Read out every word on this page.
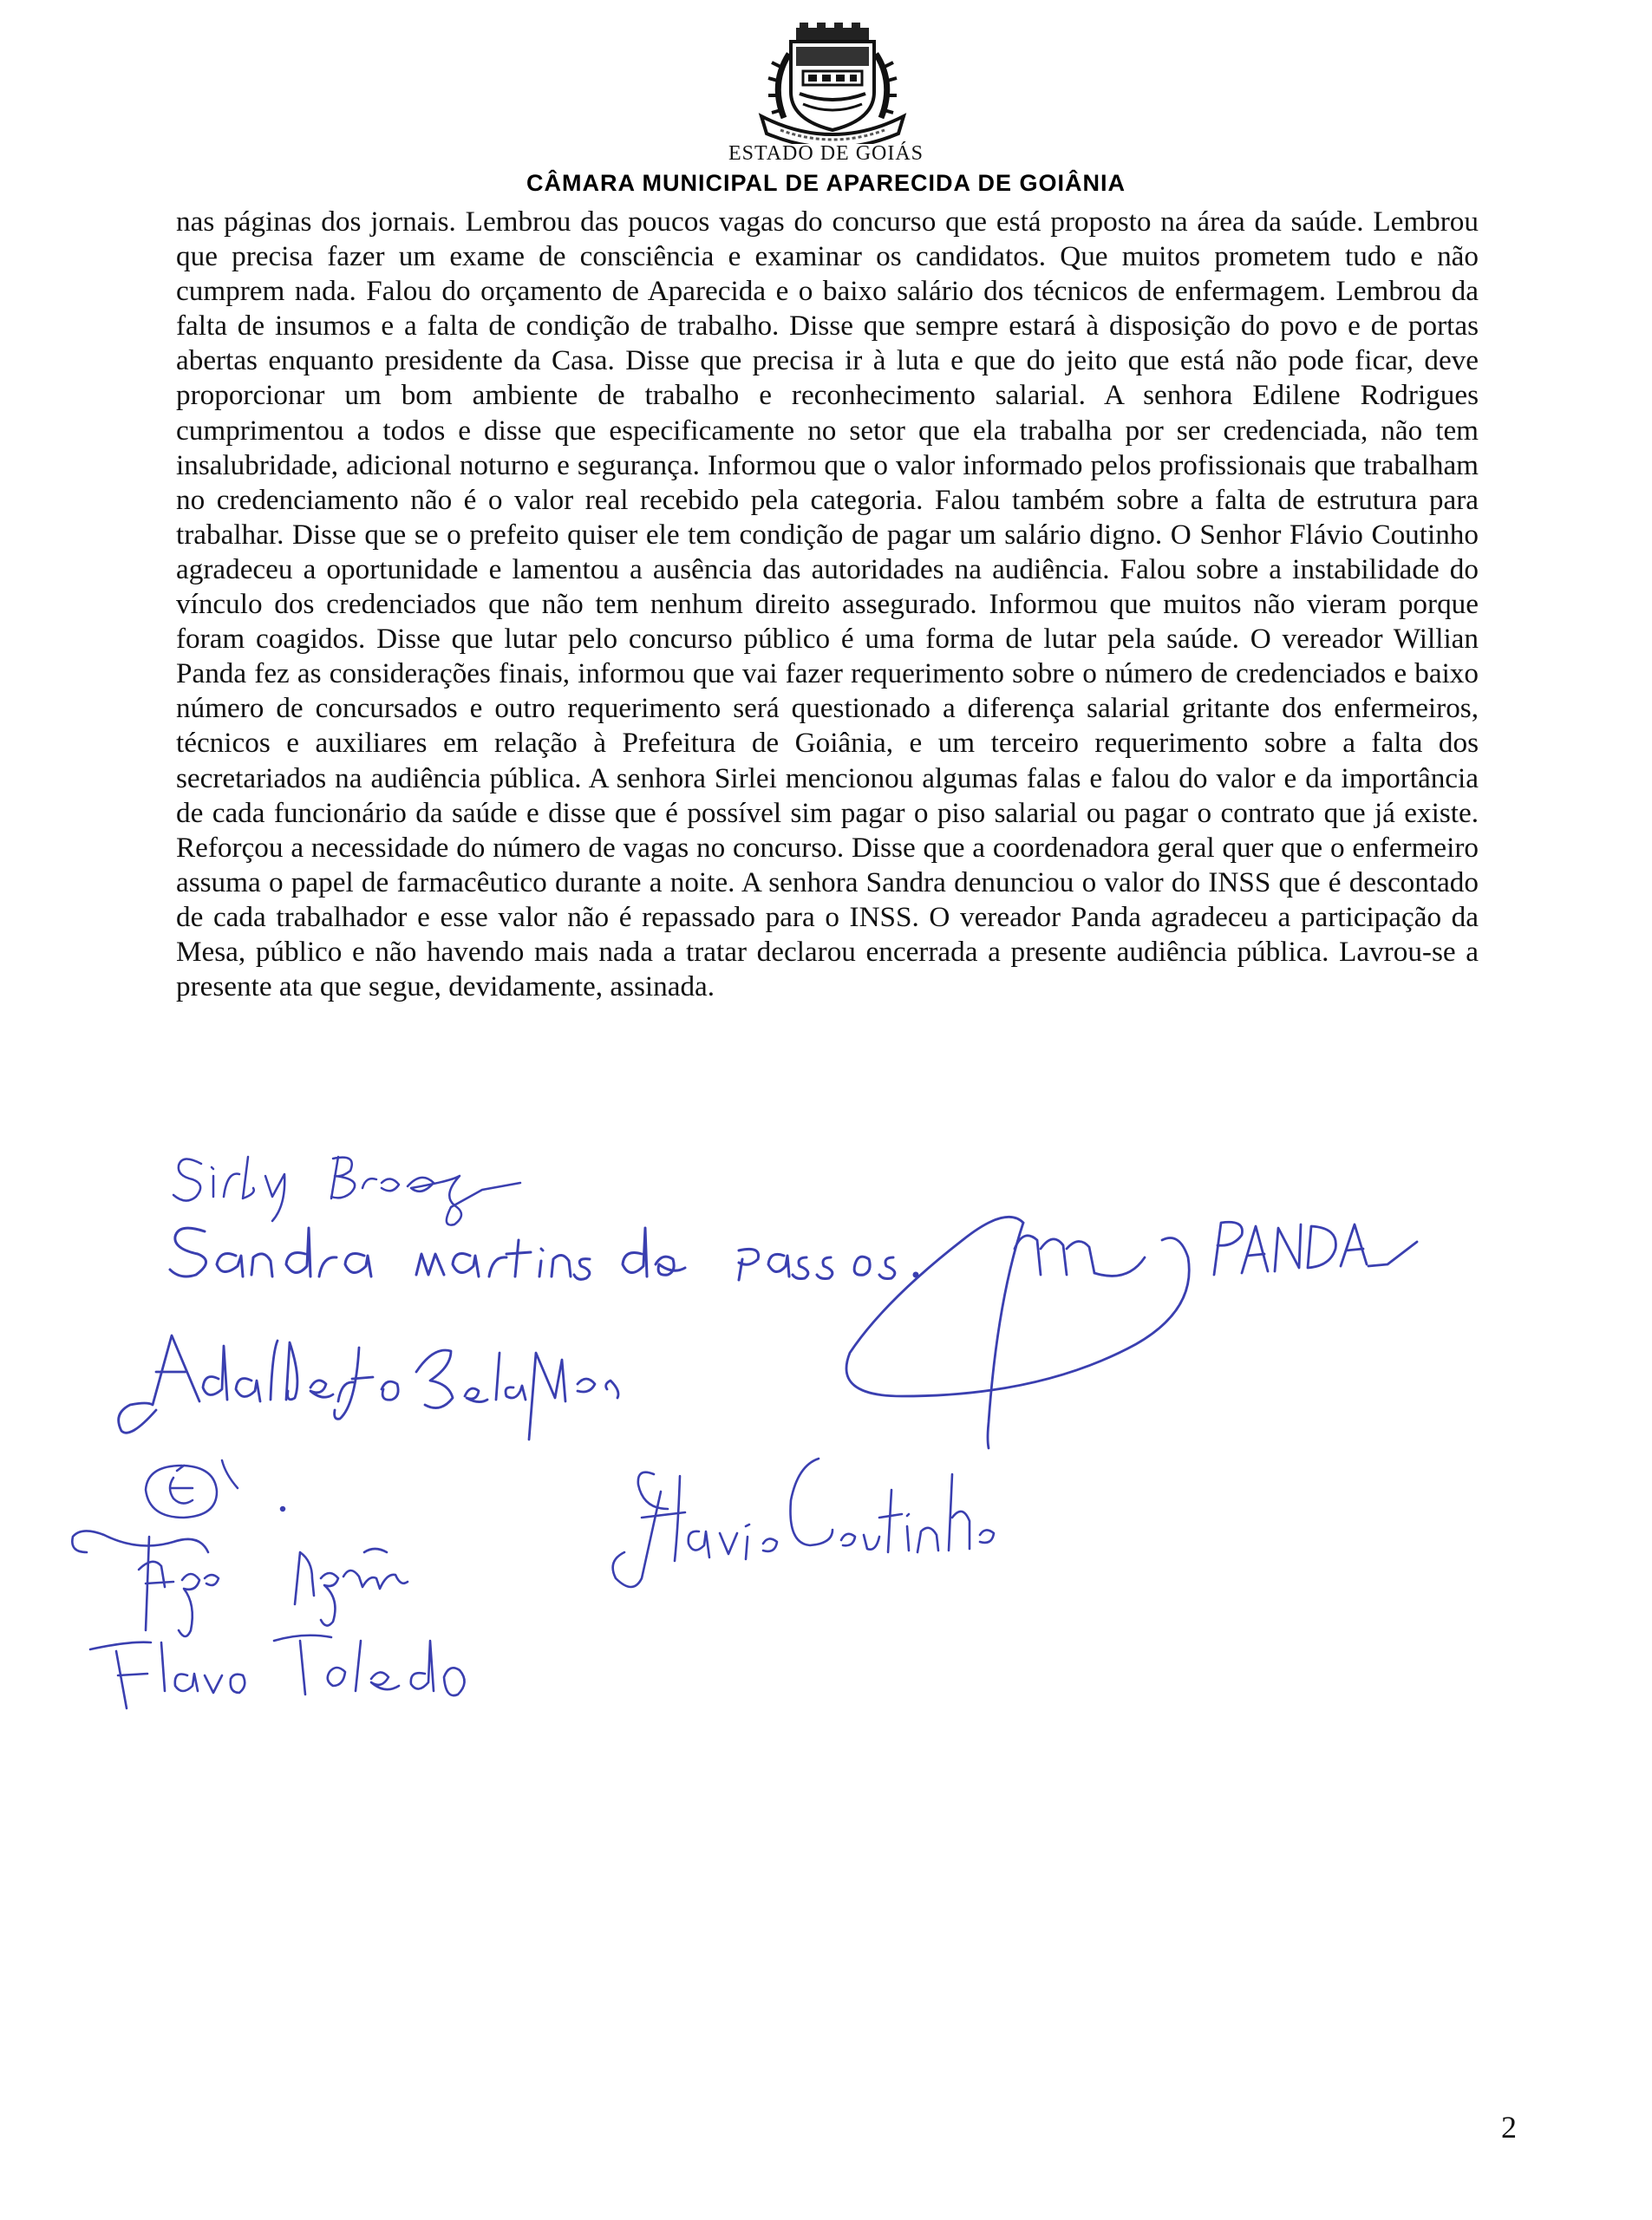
ESTADO DE GOIÁS
CÂMARA MUNICIPAL DE APARECIDA DE GOIÂNIA

nas páginas dos jornais. Lembrou das poucos vagas do concurso que está proposto na área da saúde. Lembrou que precisa fazer um exame de consciência e examinar os candidatos. Que muitos prometem tudo e não cumprem nada. Falou do orçamento de Aparecida e o baixo salário dos técnicos de enfermagem. Lembrou da falta de insumos e a falta de condição de trabalho. Disse que sempre estará à disposição do povo e de portas abertas enquanto presidente da Casa. Disse que precisa ir à luta e que do jeito que está não pode ficar, deve proporcionar um bom ambiente de trabalho e reconhecimento salarial. A senhora Edilene Rodrigues cumprimentou a todos e disse que especificamente no setor que ela trabalha por ser credenciada, não tem insalubridade, adicional noturno e segurança. Informou que o valor informado pelos profissionais que trabalham no credenciamento não é o valor real recebido pela categoria. Falou também sobre a falta de estrutura para trabalhar. Disse que se o prefeito quiser ele tem condição de pagar um salário digno. O Senhor Flávio Coutinho agradeceu a oportunidade e lamentou a ausência das autoridades na audiência. Falou sobre a instabilidade do vínculo dos credenciados que não tem nenhum direito assegurado. Informou que muitos não vieram porque foram coagidos. Disse que lutar pelo concurso público é uma forma de lutar pela saúde. O vereador Willian Panda fez as considerações finais, informou que vai fazer requerimento sobre o número de credenciados e baixo número de concursados e outro requerimento será questionado a diferença salarial gritante dos enfermeiros, técnicos e auxiliares em relação à Prefeitura de Goiânia, e um terceiro requerimento sobre a falta dos secretariados na audiência pública. A senhora Sirlei mencionou algumas falas e falou do valor e da importância de cada funcionário da saúde e disse que é possível sim pagar o piso salarial ou pagar o contrato que já existe. Reforçou a necessidade do número de vagas no concurso. Disse que a coordenadora geral quer que o enfermeiro assuma o papel de farmacêutico durante a noite. A senhora Sandra denunciou o valor do INSS que é descontado de cada trabalhador e esse valor não é repassado para o INSS. O vereador Panda agradeceu a participação da Mesa, público e não havendo mais nada a tratar declarou encerrada a presente audiência pública. Lavrou-se a presente ata que segue, devidamente, assinada.

2
